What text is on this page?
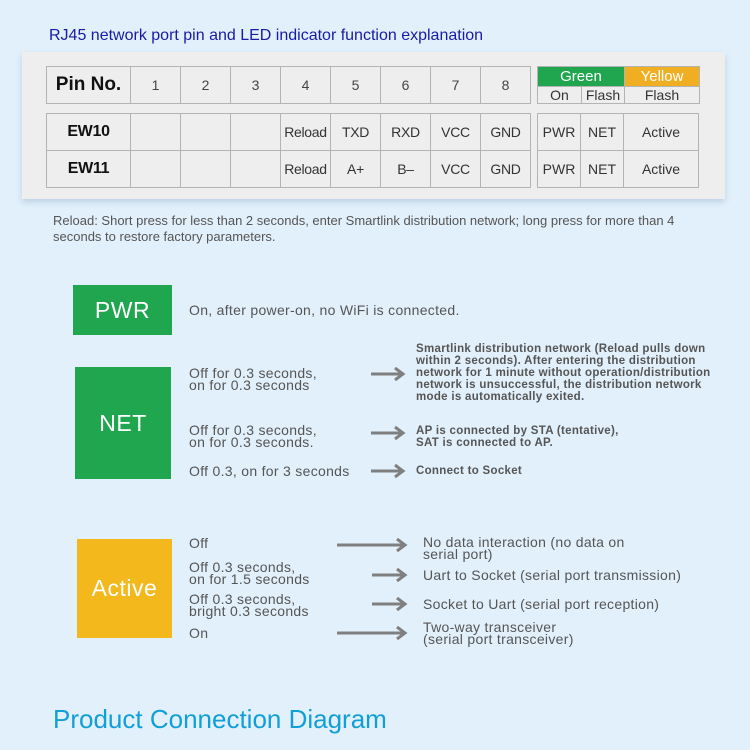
RJ45 network port pin and LED indicator function explanation
Pin No.	1	2	3	4	5	6	7	8
EW10				Reload	TXD	RXD	VCC	GND
EW11				Reload	A+	B–	VCC	GND
Green		Yellow
On	Flash	Flash
PWR	NET	Active
PWR	NET	Active
Reload: Short press for less than 2 seconds, enter Smartlink distribution network; long press for more than 4 seconds to restore factory parameters.
PWR	On, after power-on, no WiFi is connected.
NET
Off for 0.3 seconds,
on for 0.3 seconds
Smartlink distribution network (Reload pulls down
within 2 seconds). After entering the distribution
network for 1 minute without operation/distribution
network is unsuccessful, the distribution network
mode is automatically exited.
Off for 0.3 seconds,
on for 0.3 seconds.
AP is connected by STA (tentative),
SAT is connected to AP.
Off 0.3, on for 3 seconds	Connect to Socket
Active
Off	No data interaction (no data on
serial port)
Off 0.3 seconds,
on for 1.5 seconds	Uart to Socket (serial port transmission)
Off 0.3 seconds,
bright 0.3 seconds	Socket to Uart (serial port reception)
On	Two-way transceiver
(serial port transceiver)
Product Connection Diagram
